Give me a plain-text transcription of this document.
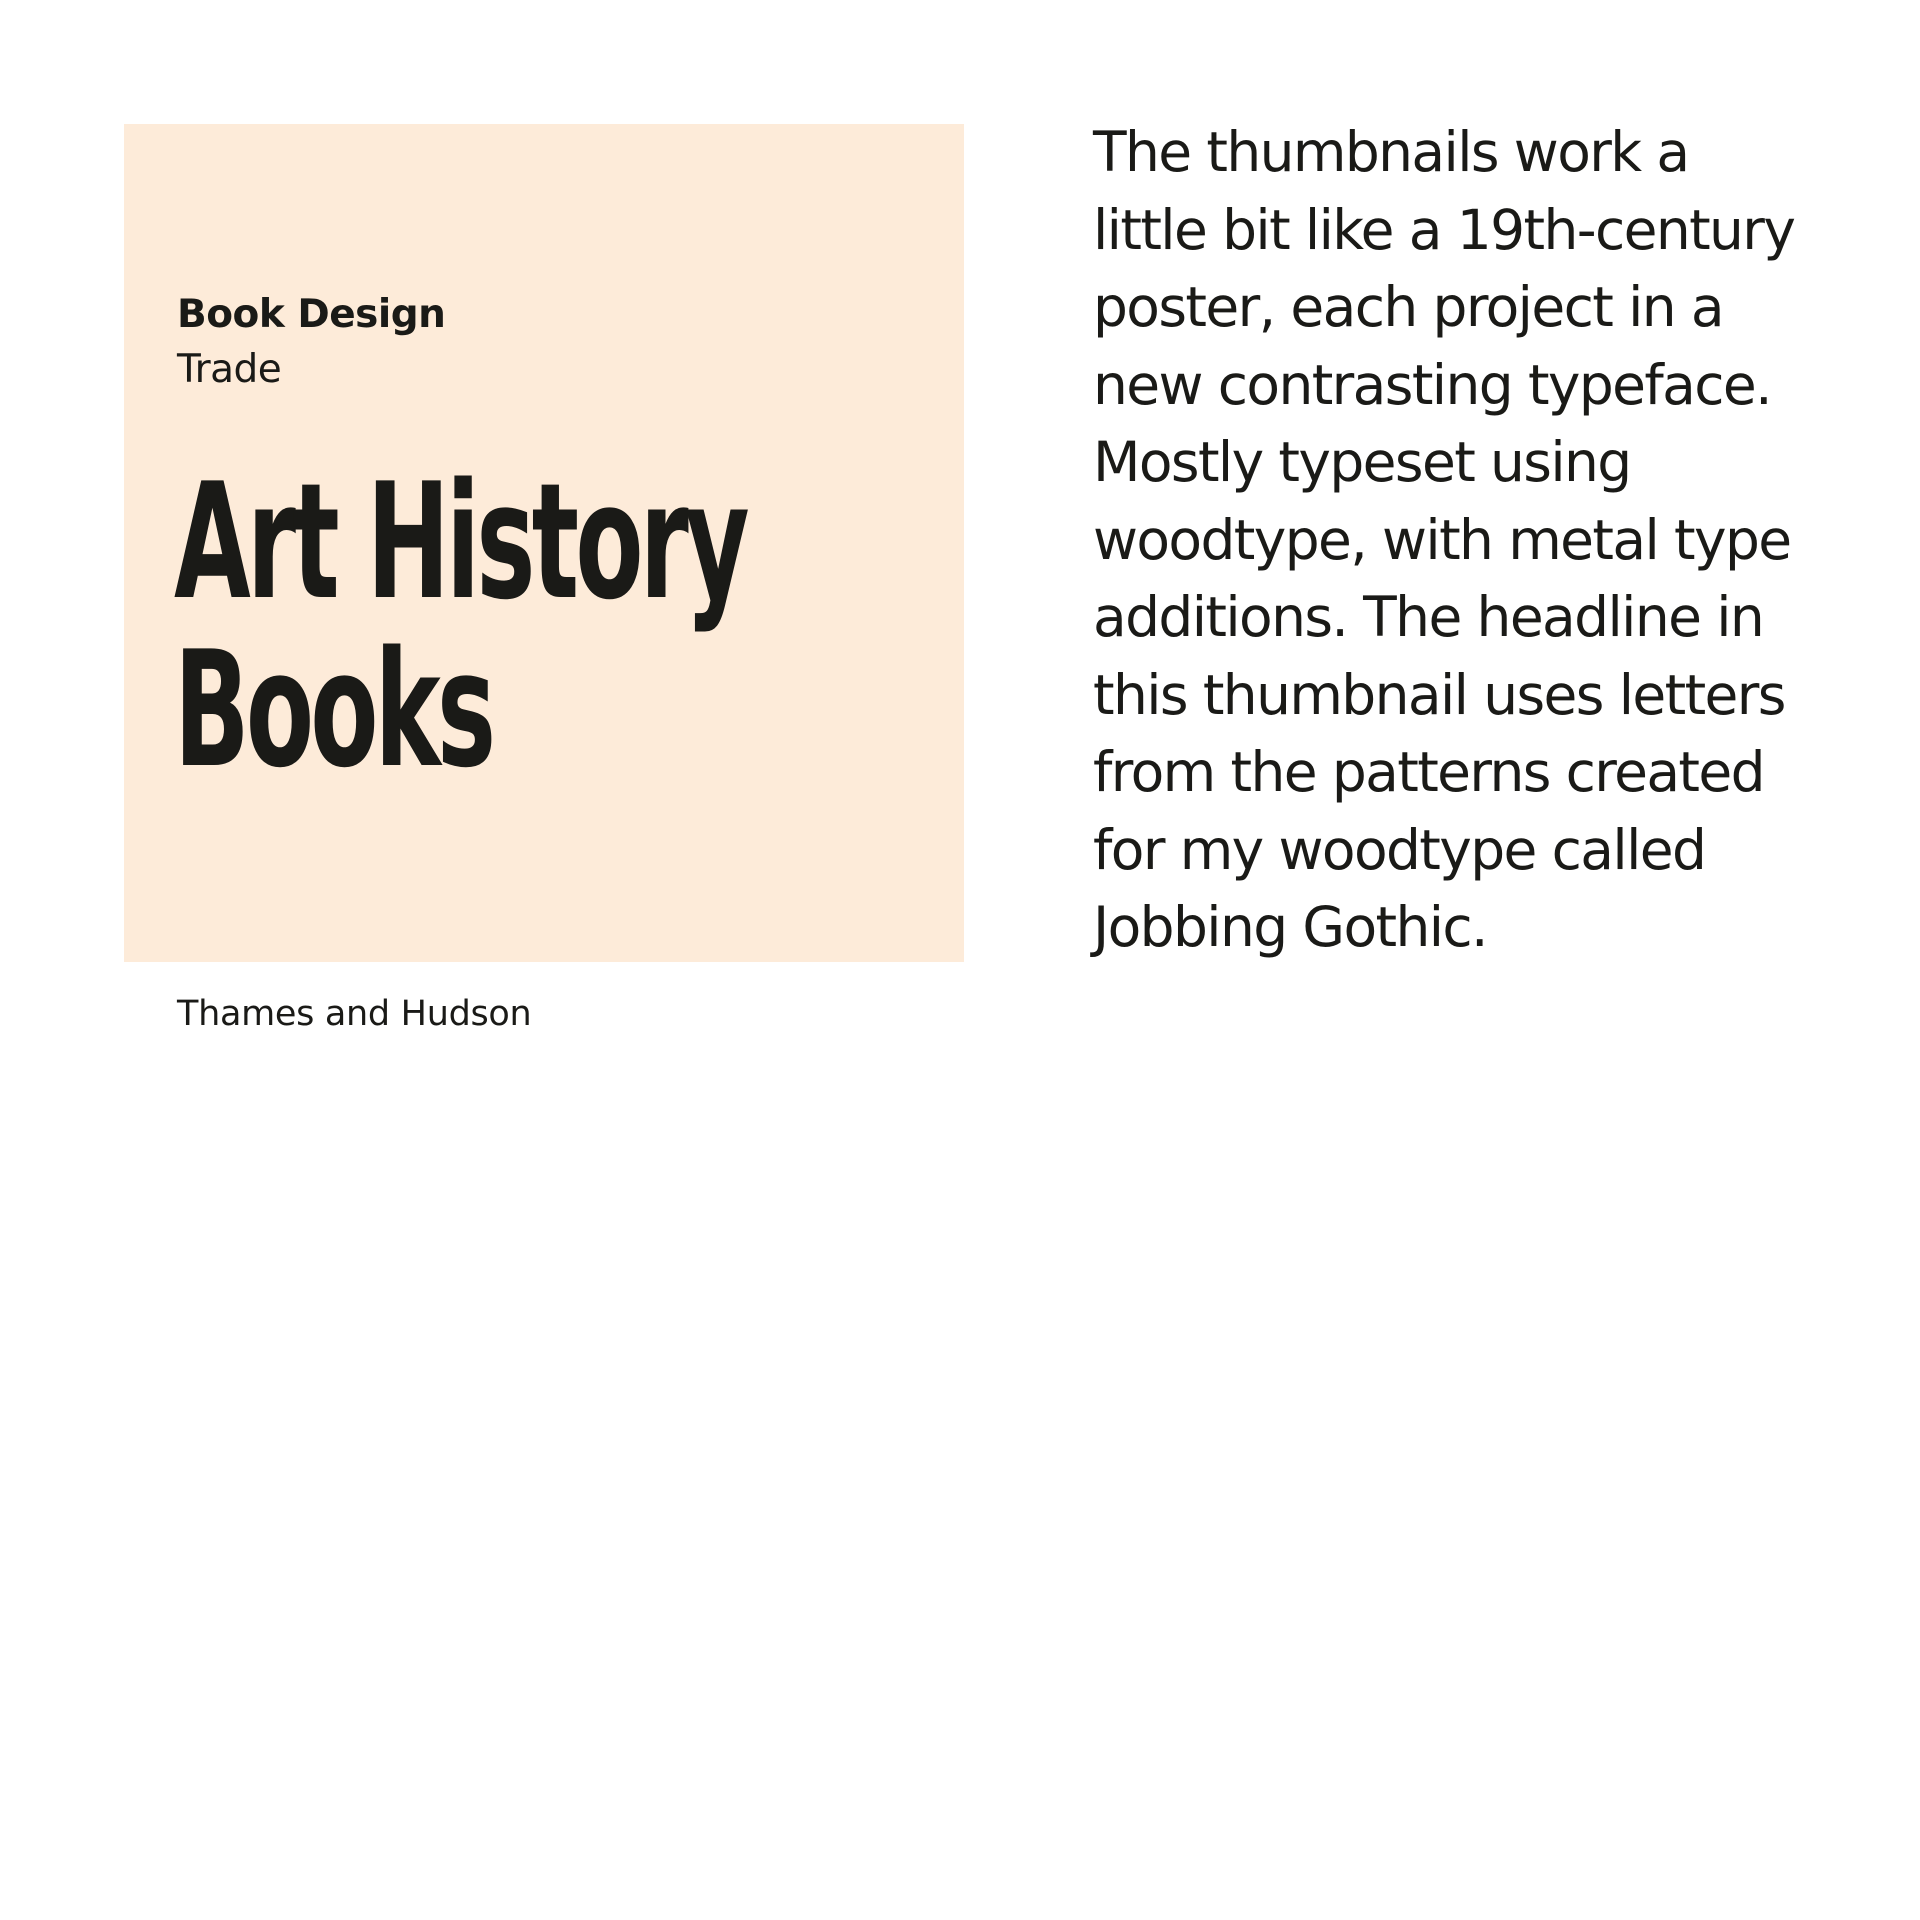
Book Design

Trade

Art History
Books

Thames and Hudson

The thumbnails work a
little bit like a 19th-century
poster, each project in a
new contrasting typeface.
Mostly typeset using
woodtype, with metal type
additions. The headline in
this thumbnail uses letters
from the patterns created
for my woodtype called
Jobbing Gothic.
